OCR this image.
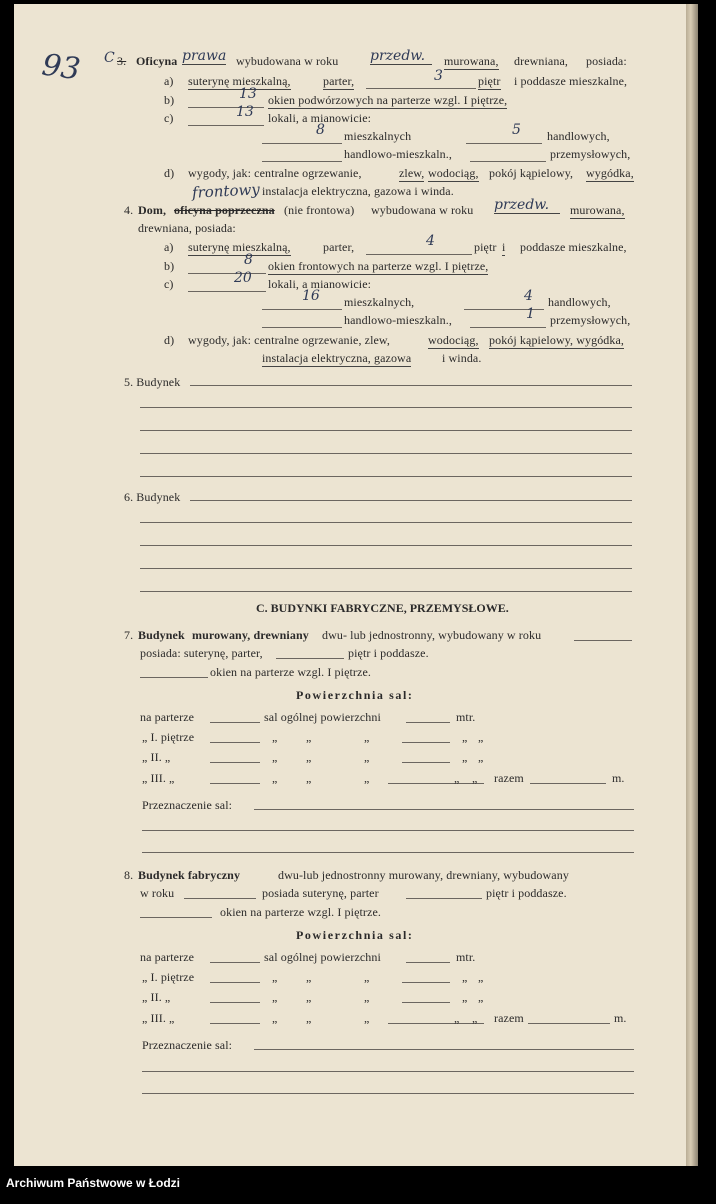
93 C 3. Oficyna prawa wybudowana w roku przedw.	murowana, drewniana, posiada:
a) suterynę mieszkalną,	parter,	3	piętr i poddasze mieszkalne,
b)	13 okien podwórzowych na parterze wzgl. I piętrze,
c)	13 lokali, a mianowicie:
8 mieszkalnych	5 handlowych,
handlowo-mieszkaln.,	przemysłowych,
d) wygody, jak: centralne ogrzewanie,	zlew, wodociąg, pokój kąpielowy, wygódka,
instalacja elektryczna, gazowa i winda.
frontowy
4. Dom, oficyna poprzeczna (nie frontowa) wybudowana w roku przedw.	murowana,
drewniana, posiada:
a) suterynę mieszkalną,	parter,	4	piętr i poddasze mieszkalne,
b)	8 okien frontowych na parterze wzgl. I piętrze,
c)	20 lokali, a mianowicie:
16 mieszkalnych,	4 handlowych,
handlowo-mieszkaln.,	1 przemysłowych,
d) wygody, jak: centralne ogrzewanie, zlew,	wodociąg, pokój kąpielowy, wygódka,
instalacja elektryczna, gazowa	i winda.
5. Budynek
6. Budynek
C. BUDYNKI FABRYCZNE, PRZEMYSŁOWE.
7. Budynek murowany, drewniany dwu- lub jednostronny, wybudowany w roku
posiada: suterynę, parter,	piętr i poddasze.
okien na parterze wzgl. I piętrze.
Powierzchnia sal:
na parterze	sal ogólnej powierzchni	mtr.
„ I. piętrze	„ „	„	„ „
„ II. „	„ „	„	„ „
„ III. „	„ „	„	„ „ razem	m.
Przeznaczenie sal:
8. Budynek fabryczny	dwu-lub jednostronny murowany, drewniany, wybudowany
w roku	posiada suterynę, parter	piętr i poddasze.
okien na parterze wzgl. I piętrze.
Powierzchnia sal:
na parterze	sal ogólnej powierzchni	mtr.
„ I. piętrze	„ „	„	„ „
„ II. „	„ „	„	„ „
„ III. „	„ „	„	„ „ razem	m.
Przeznaczenie sal:
Archiwum Państwowe w Łodzi
